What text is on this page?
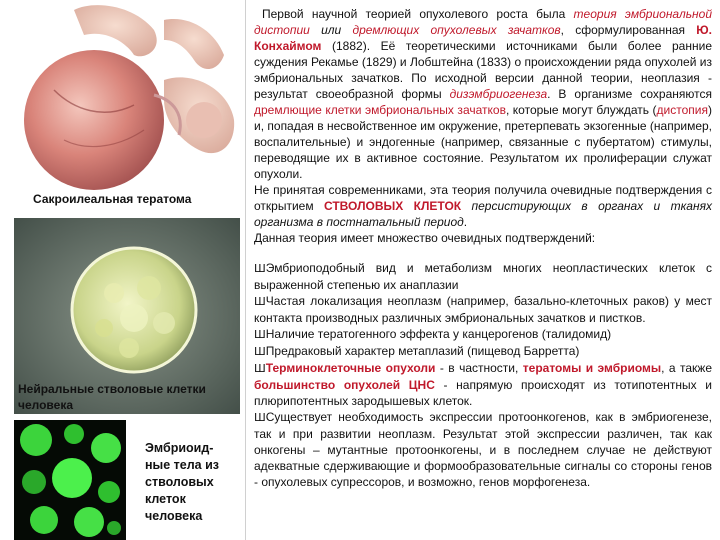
Сакроилеальная тератома
Нейральные стволовые клетки человека
Эмбриоид-ные тела из стволовых клеток человека

Первой научной теорией опухолевого роста была теория эмбриональной дистопии или дремлющих опухолевых зачатков, сформулированная Ю. Конхаймом (1882). Её теоретическими источниками были более ранние суждения Рекамье (1829) и Лобштейна (1833) о происхождении ряда опухолей из эмбриональных зачатков. По исходной версии данной теории, неоплазия - результат своеобразной формы дизэмбриогенеза. В организме сохраняются дремлющие клетки эмбриональных зачатков, которые могут блуждать (дистопия) и, попадая в несвойственное им окружение, претерпевать экзогенные (например, воспалительные) и эндогенные (например, связанные с пубертатом) стимулы, переводящие их в активное состояние. Результатом их пролиферации служат опухоли.

Не принятая современниками, эта теория получила очевидные подтверждения с открытием СТВОЛОВЫХ КЛЕТОК персистирующих в органах и тканях организма в постнатальный период.

Данная теория имеет множество очевидных подтверждений:

ШЭмбриоподобный вид и метаболизм многих неопластических клеток с выраженной степенью их анаплазии

ШЧастая локализация неоплазм (например, базально-клеточных раков) у мест контакта производных различных эмбриональных зачатков и пистков.

ШНаличие тератогенного эффекта у канцерогенов (талидомид)

ШПредраковый характер метаплазий (пищевод Барретта)

ШТерминоклеточные опухоли - в частности, тератомы и эмбриомы, а также большинство опухолей ЦНС - напрямую происходят из тотипотентных и плюрипотентных зародышевых клеток.

ШСуществует необходимость экспрессии протоонкогенов, как в эмбриогенезе, так и при развитии неоплазм. Результат этой экспрессии различен, так как онкогены – мутантные протоонкогены, и в последнем случае не действуют адекватные сдерживающие и формообразовательные сигналы со стороны генов - опухолевых супрессоров, и возможно, генов морфогенеза.
